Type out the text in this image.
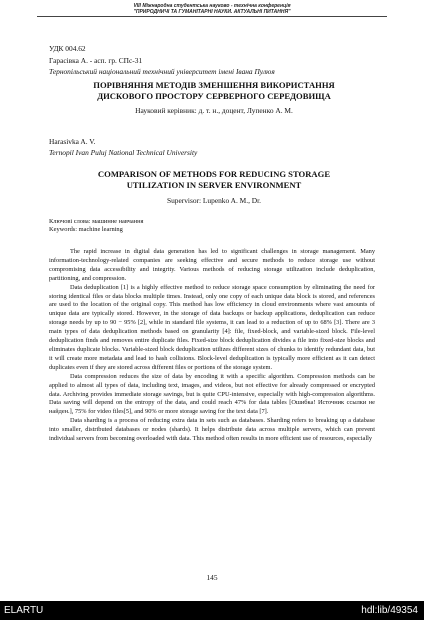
VIII Міжнародна студентська науково - технічна конференція
"ПРИРОДНИЧІ ТА ГУМАНІТАРНІ НАУКИ. АКТУАЛЬНІ ПИТАННЯ"
УДК 004.62
Гарасівка А. - асп. гр. СПс-31
Тернопільський національний технічний університет імені Івана Пулюя
ПОРІВНЯННЯ МЕТОДІВ ЗМЕНШЕННЯ ВИКОРИСТАННЯ
ДИСКОВОГО ПРОСТОРУ СЕРВЕРНОГО СЕРЕДОВИЩА
Науковий керівник: д. т. н., доцент, Лупенко А. М.
Harasivka A. V.
Ternopil Ivan Puluj National Technical University
COMPARISON OF METHODS FOR REDUCING STORAGE
UTILIZATION IN SERVER ENVIRONMENT
Supervisor: Lupenko A. M., Dr.
Ключові слова: машинне навчання
Keywords: machine learning

The rapid increase in digital data generation has led to significant challenges in storage management. Many information-technology-related companies are seeking effective and secure methods to reduce storage use without compromising data accessibility and integrity. Various methods of reducing storage utilization include deduplication, partitioning, and compression.

Data deduplication [1] is a highly effective method to reduce storage space consumption by eliminating the need for storing identical files or data blocks multiple times. Instead, only one copy of each unique data block is stored, and references are used to the location of the original copy. This method has low efficiency in cloud environments where vast amounts of unique data are typically stored. However, in the storage of data backups or backup applications, deduplication can reduce storage needs by up to 90 − 95% [2], while in standard file systems, it can lead to a reduction of up to 68% [3]. There are 3 main types of data deduplication methods based on granularity [4]: file, fixed-block, and variable-sized block. File-level deduplication finds and removes entire duplicate files. Fixed-size block deduplication divides a file into fixed-size blocks and eliminates duplicate blocks. Variable-sized block deduplication utilizes different sizes of chunks to identify redundant data, but it will create more metadata and lead to hash collisions. Block-level deduplication is typically more efficient as it can detect duplicates even if they are stored across different files or portions of the storage system.

Data compression reduces the size of data by encoding it with a specific algorithm. Compression methods can be applied to almost all types of data, including text, images, and videos, but not effective for already compressed or encrypted data. Archiving provides immediate storage savings, but is quite CPU-intensive, especially with high-compression algorithms. Data saving will depend on the entropy of the data, and could reach 47% for data tables [Ошибка! Источник ссылки не найден.], 75% for video files[5], and 90% or more storage saving for the text data [7].

Data sharding is a process of reducing extra data in sets such as databases. Sharding refers to breaking up a database into smaller, distributed databases or nodes (shards). It helps distribute data across multiple servers, which can prevent individual servers from becoming overloaded with data. This method often results in more efficient use of resources, especially

145
ELARTU	hdl:lib/49354
